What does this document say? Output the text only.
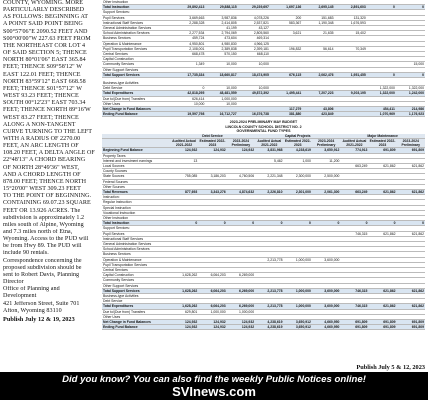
COUNTY, WYOMING. MORE
PARTICULARLY DESCRIBED
AS FOLLOWS: BEGINNING AT
A POINT SAID POINT BEING
S00°57'06"E 2090.52 FEET AND
S00°00'00"W 227.63 FEET FROM
THE NORTHEAST COR LOT 4
OF SAID SECTION 5; THENCE
NORTH 80°01'06" EAST 365.84
FEET; THENCE S09°58'12" W
EAST 122.01 FEET; THENCE
NORTH 83°59'12" EAST 668.58
FEET; THENCE S01°57'12" W
WEST 93.23 FEET; THENCE
SOUTH 00°12'23" EAST 703.34
FEET; THENCE NORTH 89°16'W
WEST 83.27 FEET; THENCE
ALONG A NON-TANGENT
CURVE TURNING TO THE LEFT
WITH A RADIUS OF 2270.00
FEET, AN ARC LENGTH OF
108.20 FEET, A DELTA ANGLE OF
22°48'13" A CHORD BEARING
OF NORTH 28°49'36" WEST,
AND A CHORD LENGTH OF
878.00 FEET; THENCE NORTH
15°20'00" WEST 309.23 FEET
TO THE POINT OF BEGINNING.
CONTAINING 69.07.23 SQUARE
FEET OR 13.926 ACRES. The
subdivision is approximately 1.2
miles south of Alpine, Wyoming
and 7.3 miles north of Etna,
Wyoming. Access to the PUD will
be from Hwy 89. The PUD will
include 90 rentals.
Correspondence concerning the
proposed subdivision should be
sent to Robert Davis, Planning
Director
Office of Planning and
Development
421 Jefferson Street, Suite 701
Afton, Wyoming 83110
Publish July 12 & 19, 2023
Other Instruction								
Total Instruction	29,892,413	29,888,115	29,239,697	1,697,136	2,695,145	2,891,603	0	0
Support Services:								
Pupil Services	3,669,663	3,987,836	4,078,226	200	151,683	131,320		
Instructional Staff Services	2,288,328	2,414,805	2,537,821	583,367	1,190,348	1,676,593		
General Administration Services		41,199	43,127					
School Administration Services	2,277,534	2,794,069	2,805,560	3,621	21,635	15,402		
Business Services	459,724	473,604	469,314					
Operation & Maintenance	4,950,801	4,980,830	4,966,125					
Pupil Transportation Services	2,108,001	2,389,838	2,399,181	196,832	56,614	70,349		
Central Services	668,478	570,150	668,110					
Capital Construction								
Community Services	1,349	10,000	10,000					15,000
Other Support Services								
Total Support Services	17,735,334	18,660,817	18,474,905	676,115	2,062,476	1,951,455	0	0
Business-type Activities								
Debt Service	0	10,000	10,000				1,322,000	1,322,000
Total Expenditures	42,818,295	48,481,559	49,872,392	1,495,441	7,207,223	9,203,195	1,322,000	1,242,000
Due to/(Due from) Transfers	626,414	1,000,000						
Other Uses	10,000	10,000						
Net Change in Fund Balances				117,279	43,806		454,411	214,986
Ending Fund Balance	19,597,798	16,712,727	16,376,738	381,880	423,849		1,070,969	1,176,923
2023-2024 PRELIMINARY MAY BUDGET
LINCOLN COUNTY SCHOOL DISTRICT NO. 2
GOVERNMENTAL FUND TYPES
	Debt Service			Capital Projects			Major Maintenance		
	Audited Actual 2021-2022	Estimated 2022-2023	2023-2024 Preliminary	Audited Actual 2021-2022	Estimated 2022-2023	2023-2024 Preliminary	Audited Actual 2021-2022	Estimated 2022-2023	2023-2024 Preliminary
Beginning Fund Balance	124,932	124,932	124,932	3,831,968	4,238,619	3,650,912	774,913	691,809	691,809
Property Taxes									
Interest and investment earnings	13			5,462	1,000	11,200			
Local Sources							663,249	621,862	621,862
County Sources									
State Sources	755,085	3,186,203	4,760,506	2,221,348	2,300,000	2,500,000			
Federal Sources									
Other Sources									
Total Revenues	877,693	3,343,276	4,874,632	2,226,810	2,301,000	2,061,300	663,249	621,862	621,862
Instruction:									
Regular Instruction									
Special Instruction									
Vocational Instruction									
Other Instruction									
Total Instruction	0	0	0	0	0	0	0	0	0
Support Services:									
Pupil Services							746,315	621,862	621,862
Instructional Staff Services									
General Administration Services									
School Administration Services									
Business Services									
Operation & Maintenance				2,213,778	1,000,000	3,600,000			
Pupil Transportation Services									
Central Services									
Capital Construction	1,628,262	6,064,203	6,269,000						
Community Services									
Other Support Services									
Total Support Services	1,628,262	6,064,203	6,269,000	2,213,778	1,000,000	3,600,000	746,315	621,862	621,862
Business-type Activities									
Debt Service									
Total Expenditures	1,628,262	6,064,203	6,269,000	2,213,778	1,000,000	3,600,000	746,315	621,862	621,862
Due to/(Due from) Transfers	629,801	1,000,000	1,000,000						
Other Uses									
Net Change in Fund Balances	124,932	124,932	124,932	4,238,619	3,650,912	4,660,950	691,809	691,809	691,809
Ending Fund Balance	124,932	124,932	124,932	4,238,619	3,650,912	4,660,950	691,809	691,809	691,809
Publish July 5 & 12, 2023
Did you know? You can also find the weekly Public Notices online!
SVInews.com
